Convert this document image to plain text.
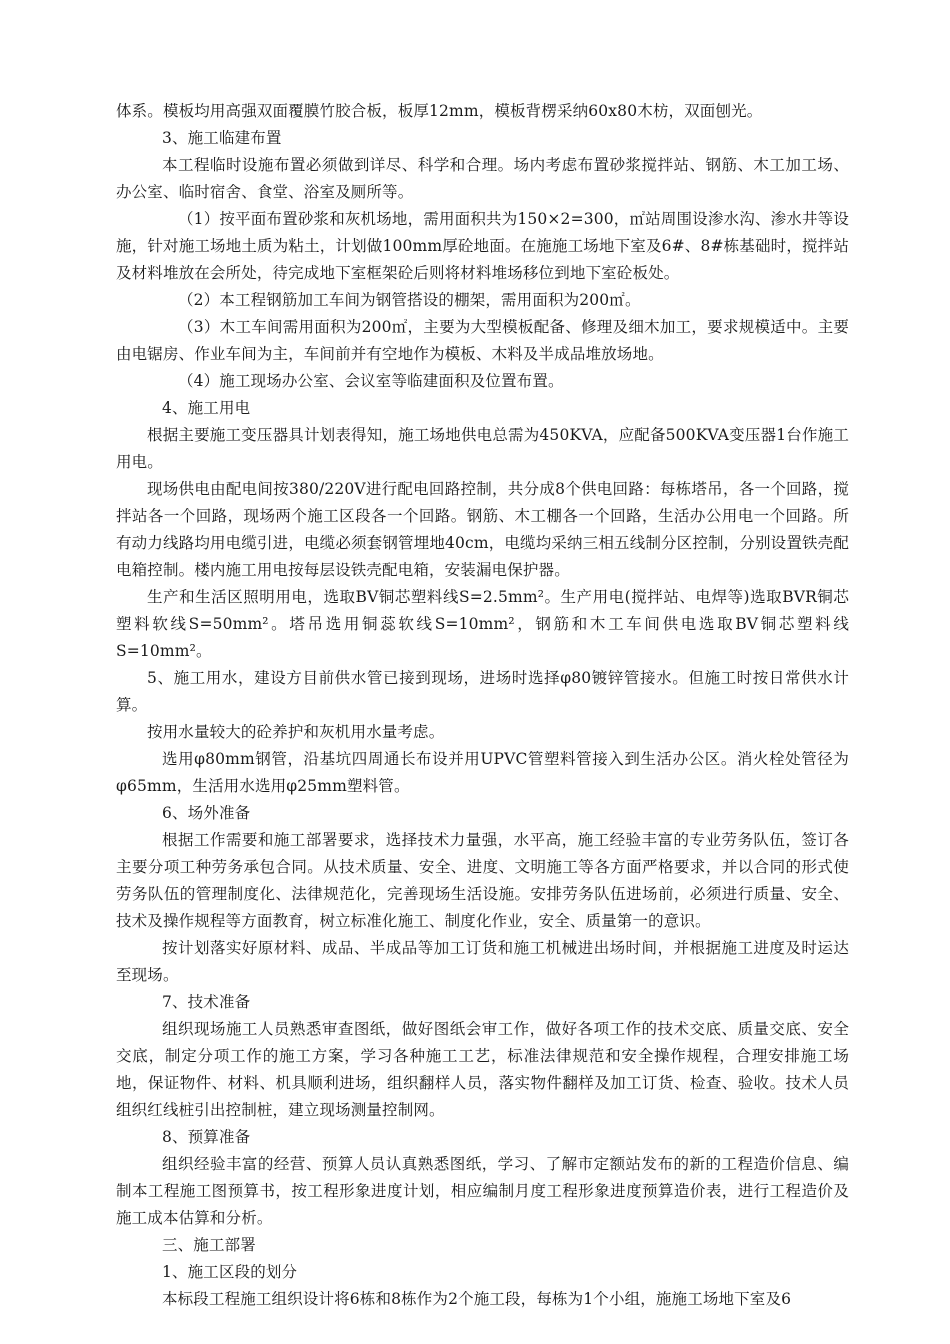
体系。模板均用高强双面覆膜竹胶合板，板厚12mm，模板背楞采纳60x80木枋，双面刨光。

3、施工临建布置

本工程临时设施布置必须做到详尽、科学和合理。场内考虑布置砂浆搅拌站、钢筋、木工加工场、办公室、临时宿舍、食堂、浴室及厕所等。

（1）按平面布置砂浆和灰机场地，需用面积共为150×2=300，㎡站周围设渗水沟、渗水井等设施，针对施工场地土质为粘土，计划做100mm厚砼地面。在施施工场地下室及6#、8#栋基础时，搅拌站及材料堆放在会所处，待完成地下室框架砼后则将材料堆场移位到地下室砼板处。

（2）本工程钢筋加工车间为钢管搭设的棚架，需用面积为200㎡。

（3）木工车间需用面积为200㎡，主要为大型模板配备、修理及细木加工，要求规模适中。主要由电锯房、作业车间为主，车间前并有空地作为模板、木料及半成品堆放场地。

（4）施工现场办公室、会议室等临建面积及位置布置。

4、施工用电

根据主要施工变压器具计划表得知，施工场地供电总需为450KVA，应配备500KVA变压器1台作施工用电。

现场供电由配电间按380/220V进行配电回路控制，共分成8个供电回路：每栋塔吊，各一个回路，搅拌站各一个回路，现场两个施工区段各一个回路。钢筋、木工棚各一个回路，生活办公用电一个回路。所有动力线路均用电缆引进，电缆必须套钢管埋地40cm，电缆均采纳三相五线制分区控制，分别设置铁壳配电箱控制。楼内施工用电按每层设铁壳配电箱，安装漏电保护器。

生产和生活区照明用电，选取BV铜芯塑料线S=2.5mm²。生产用电(搅拌站、电焊等)选取BVR铜芯塑料软线S=50mm²。塔吊选用铜蕊软线S=10mm²，钢筋和木工车间供电选取BV铜芯塑料线S=10mm²。

5、施工用水，建设方目前供水管已接到现场，进场时选择φ80镀锌管接水。但施工时按日常供水计算。

按用水量较大的砼养护和灰机用水量考虑。

选用φ80mm钢管，沿基坑四周通长布设并用UPVC管塑料管接入到生活办公区。消火栓处管径为φ65mm，生活用水选用φ25mm塑料管。

6、场外准备

根据工作需要和施工部署要求，选择技术力量强，水平高，施工经验丰富的专业劳务队伍，签订各主要分项工种劳务承包合同。从技术质量、安全、进度、文明施工等各方面严格要求，并以合同的形式使劳务队伍的管理制度化、法律规范化，完善现场生活设施。安排劳务队伍进场前，必须进行质量、安全、技术及操作规程等方面教育，树立标准化施工、制度化作业，安全、质量第一的意识。

按计划落实好原材料、成品、半成品等加工订货和施工机械进出场时间，并根据施工进度及时运达至现场。

7、技术准备

组织现场施工人员熟悉审查图纸，做好图纸会审工作，做好各项工作的技术交底、质量交底、安全交底，制定分项工作的施工方案，学习各种施工工艺，标准法律规范和安全操作规程，合理安排施工场地，保证物件、材料、机具顺利进场，组织翻样人员，落实物件翻样及加工订货、检查、验收。技术人员组织红线桩引出控制桩，建立现场测量控制网。

8、预算准备

组织经验丰富的经营、预算人员认真熟悉图纸，学习、了解市定额站发布的新的工程造价信息、编制本工程施工图预算书，按工程形象进度计划，相应编制月度工程形象进度预算造价表，进行工程造价及施工成本估算和分析。

三、施工部署

1、施工区段的划分

本标段工程施工组织设计将6栋和8栋作为2个施工段，每栋为1个小组，施施工场地下室及6
